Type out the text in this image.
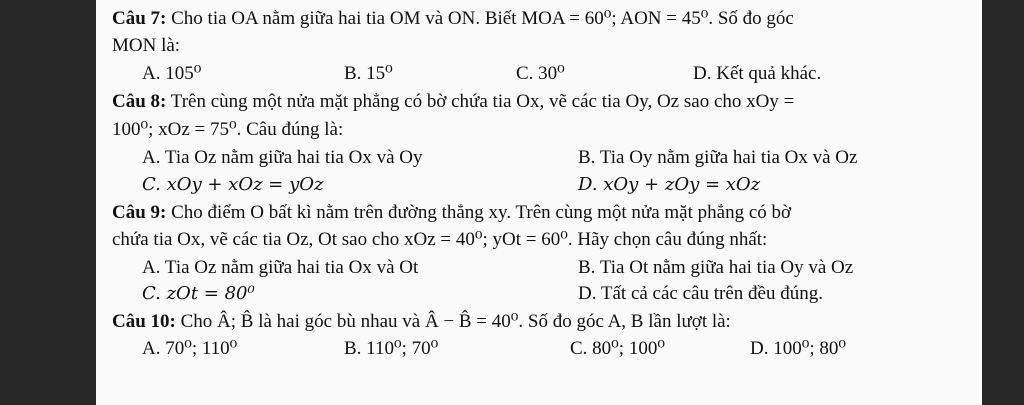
Câu 7: Cho tia OA nằm giữa hai tia OM và ON. Biết MOA = 60⁰; AON = 45⁰. Số đo góc
MON là:
A. 105⁰	B. 15⁰	C. 30⁰	D. Kết quả khác.
Câu 8: Trên cùng một nửa mặt phẳng có bờ chứa tia Ox, vẽ các tia Oy, Oz sao cho xOy =
100⁰; xOz = 75⁰. Câu đúng là:
A. Tia Oz nằm giữa hai tia Ox và Oy	B. Tia Oy nằm giữa hai tia Ox và Oz
C. xOy + xOz = yOz	D. xOy + zOy = xOz
Câu 9: Cho điểm O bất kì nằm trên đường thẳng xy. Trên cùng một nửa mặt phẳng có bờ
chứa tia Ox, vẽ các tia Oz, Ot sao cho xOz = 40⁰; yOt = 60⁰. Hãy chọn câu đúng nhất:
A. Tia Oz nằm giữa hai tia Ox và Ot	B. Tia Ot nằm giữa hai tia Oy và Oz
C. zOt = 80⁰	D. Tất cả các câu trên đều đúng.
Câu 10: Cho Â; B̂ là hai góc bù nhau và Â − B̂ = 40⁰. Số đo góc A, B lần lượt là:
A. 70⁰; 110⁰	B. 110⁰; 70⁰	C. 80⁰; 100⁰	D. 100⁰; 80⁰
